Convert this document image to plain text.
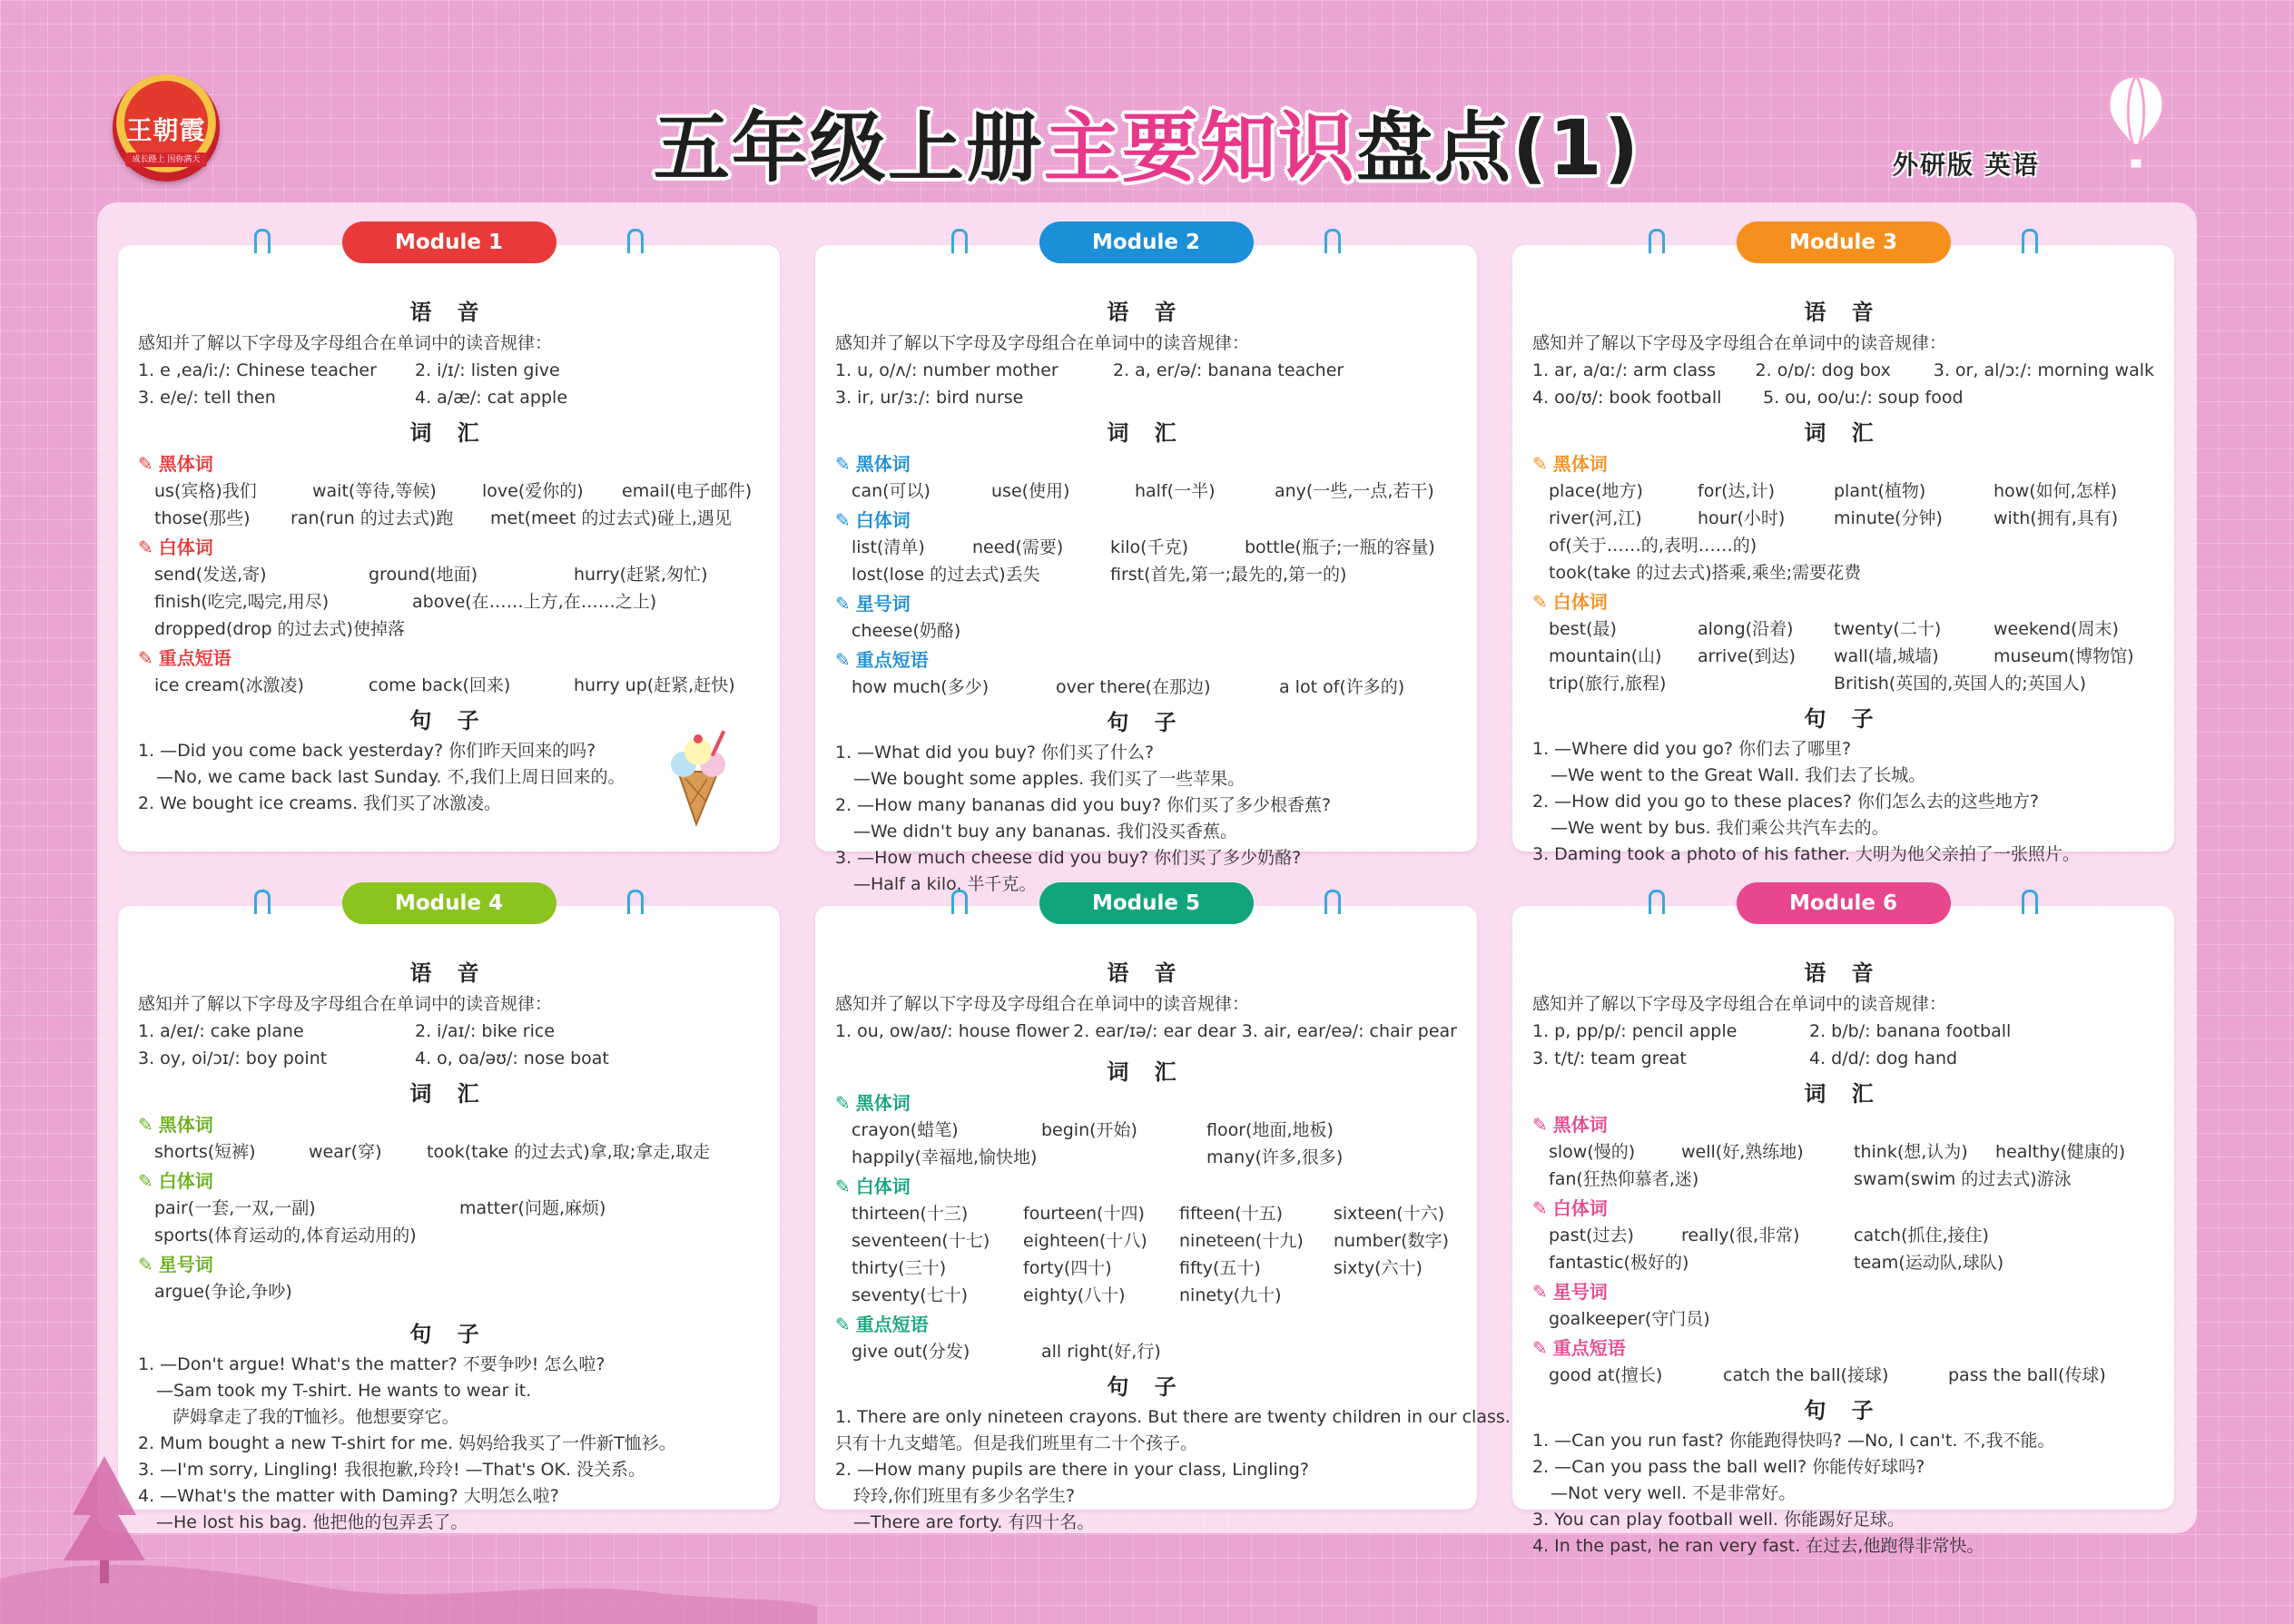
王朝霞
成长路上 因你满天	五年级上册主要知识盘点(1)	外研版 英语
Module 1
语 音
感知并了解以下字母及字母组合在单词中的读音规律：
1. e ,ea/iː/: Chinese teacher	2. i/ɪ/: listen give
3. e/e/: tell then	4. a/æ/: cat apple
词 汇
✎ 黑体词
us(宾格)我们	wait(等待,等候)	love(爱你的)	email(电子邮件)
those(那些)	ran(run 的过去式)跑	met(meet 的过去式)碰上,遇见
✎ 白体词
send(发送,寄)	ground(地面)	hurry(赶紧,匆忙)
finish(吃完,喝完,用尽)	above(在……上方,在……之上)
dropped(drop 的过去式)使掉落
✎ 重点短语
ice cream(冰激凌)	come back(回来)	hurry up(赶紧,赶快)
句 子
1. —Did you come back yesterday? 你们昨天回来的吗?
—No, we came back last Sunday. 不,我们上周日回来的。
2. We bought ice creams. 我们买了冰激凌。
Module 2
语 音
感知并了解以下字母及字母组合在单词中的读音规律：
1. u, o/ʌ/: number mother	2. a, er/ə/: banana teacher
3. ir, ur/ɜː/: bird nurse
词 汇
✎ 黑体词
can(可以)	use(使用)	half(一半)	any(一些,一点,若干)
✎ 白体词
list(清单)	need(需要)	kilo(千克)	bottle(瓶子;一瓶的容量)
lost(lose 的过去式)丢失	first(首先,第一;最先的,第一的)
✎ 星号词
cheese(奶酪)
✎ 重点短语
how much(多少)	over there(在那边)	a lot of(许多的)
句 子
1. —What did you buy? 你们买了什么?
—We bought some apples. 我们买了一些苹果。
2. —How many bananas did you buy? 你们买了多少根香蕉?
—We didn't buy any bananas. 我们没买香蕉。
3. —How much cheese did you buy? 你们买了多少奶酪?
—Half a kilo. 半千克。
Module 3
语 音
感知并了解以下字母及字母组合在单词中的读音规律：
1. ar, a/ɑː/: arm class	2. o/ɒ/: dog box	3. or, al/ɔː/: morning walk
4. oo/ʊ/: book football	5. ou, oo/uː/: soup food
词 汇
✎ 黑体词
place(地方)	for(达,计)	plant(植物)	how(如何,怎样)
river(河,江)	hour(小时)	minute(分钟)	with(拥有,具有)
of(关于……的,表明……的)
took(take 的过去式)搭乘,乘坐;需要花费
✎ 白体词
best(最)	along(沿着)	twenty(二十)	weekend(周末)
mountain(山)	arrive(到达)	wall(墙,城墙)	museum(博物馆)
trip(旅行,旅程)	British(英国的,英国人的;英国人)
句 子
1. —Where did you go? 你们去了哪里?
—We went to the Great Wall. 我们去了长城。
2. —How did you go to these places? 你们怎么去的这些地方?
—We went by bus. 我们乘公共汽车去的。
3. Daming took a photo of his father. 大明为他父亲拍了一张照片。
Module 4
语 音
感知并了解以下字母及字母组合在单词中的读音规律：
1. a/eɪ/: cake plane	2. i/aɪ/: bike rice
3. oy, oi/ɔɪ/: boy point	4. o, oa/əʊ/: nose boat
词 汇
✎ 黑体词
shorts(短裤)	wear(穿)	took(take 的过去式)拿,取;拿走,取走
✎ 白体词
pair(一套,一双,一副)	matter(问题,麻烦)
sports(体育运动的,体育运动用的)
✎ 星号词
argue(争论,争吵)
句 子
1. —Don't argue! What's the matter? 不要争吵! 怎么啦?
—Sam took my T-shirt. He wants to wear it.
萨姆拿走了我的T恤衫。他想要穿它。
2. Mum bought a new T-shirt for me. 妈妈给我买了一件新T恤衫。
3. —I'm sorry, Lingling! 我很抱歉,玲玲! —That's OK. 没关系。
4. —What's the matter with Daming? 大明怎么啦?
—He lost his bag. 他把他的包弄丢了。
Module 5
语 音
感知并了解以下字母及字母组合在单词中的读音规律：
1. ou, ow/aʊ/: house flower 2. ear/ɪə/: ear dear 3. air, ear/eə/: chair pear
词 汇
✎ 黑体词
crayon(蜡笔)	begin(开始)	floor(地面,地板)
happily(幸福地,愉快地)	many(许多,很多)
✎ 白体词
thirteen(十三)	fourteen(十四)	fifteen(十五)	sixteen(十六)
seventeen(十七)	eighteen(十八)	nineteen(十九)	number(数字)
thirty(三十)	forty(四十)	fifty(五十)	sixty(六十)
seventy(七十)	eighty(八十)	ninety(九十)
✎ 重点短语
give out(分发)	all right(好,行)
句 子
1. There are only nineteen crayons. But there are twenty children in our class.
只有十九支蜡笔。但是我们班里有二十个孩子。
2. —How many pupils are there in your class, Lingling?
玲玲,你们班里有多少名学生?
—There are forty. 有四十名。
Module 6
语 音
感知并了解以下字母及字母组合在单词中的读音规律：
1. p, pp/p/: pencil apple	2. b/b/: banana football
3. t/t/: team great	4. d/d/: dog hand
词 汇
✎ 黑体词
slow(慢的)	well(好,熟练地)	think(想,认为)	healthy(健康的)
fan(狂热仰慕者,迷)	swam(swim 的过去式)游泳
✎ 白体词
past(过去)	really(很,非常)	catch(抓住,接住)
fantastic(极好的)	team(运动队,球队)
✎ 星号词
goalkeeper(守门员)
✎ 重点短语
good at(擅长)	catch the ball(接球)	pass the ball(传球)
句 子
1. —Can you run fast? 你能跑得快吗? —No, I can't. 不,我不能。
2. —Can you pass the ball well? 你能传好球吗?
—Not very well. 不是非常好。
3. You can play football well. 你能踢好足球。
4. In the past, he ran very fast. 在过去,他跑得非常快。
